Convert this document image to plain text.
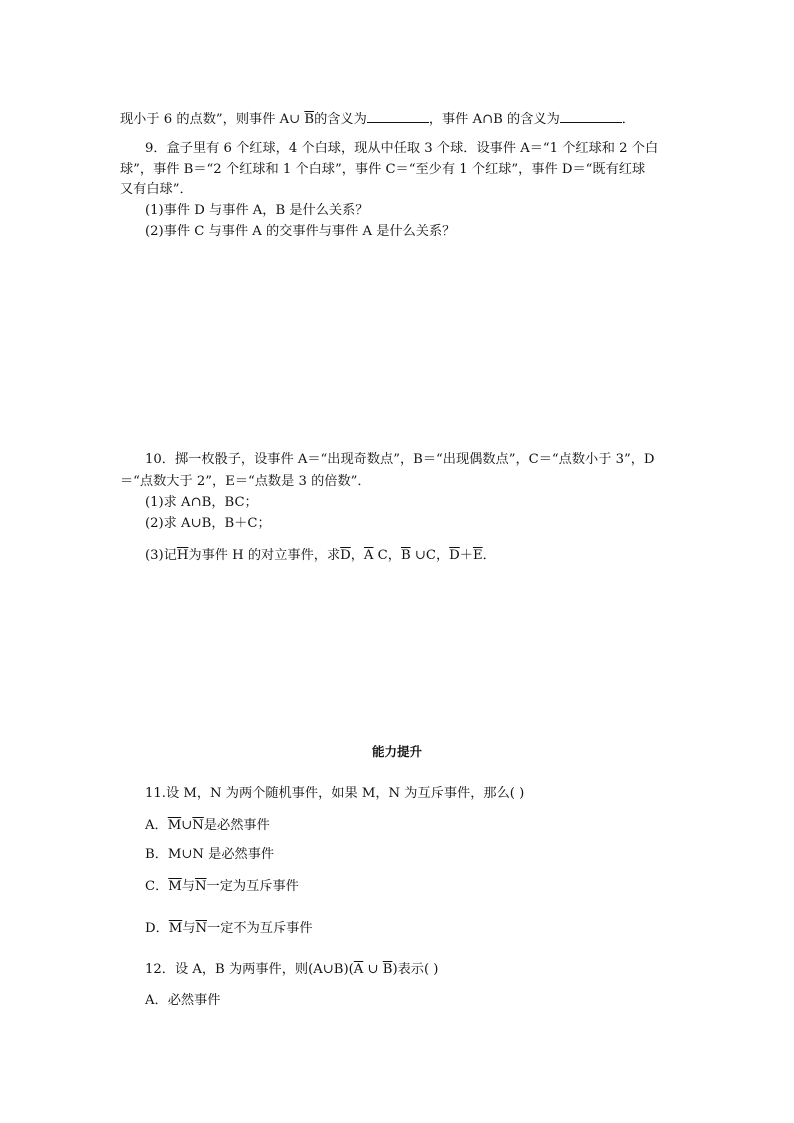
现小于 6 的点数”，则事件 A∪ $\overline{B}$的含义为	，事件 A∩B 的含义为	．
9．盒子里有 6 个红球，4 个白球，现从中任取 3 个球．设事件 A＝“1 个红球和 2 个白
球”，事件 B＝“2 个红球和 1 个白球”，事件 C＝“至少有 1 个红球”，事件 D＝“既有红球
又有白球”．
(1)事件 D 与事件 A，B 是什么关系？
(2)事件 C 与事件 A 的交事件与事件 A 是什么关系？
10．掷一枚骰子，设事件 A＝“出现奇数点”，B＝“出现偶数点”，C＝“点数小于 3”，D
＝“点数大于 2”，E＝“点数是 3 的倍数”．
(1)求 A∩B，BC；
(2)求 A∪B，B＋C；
(3)记$\overline{H}$为事件 H 的对立事件，求$\overline{D}$，$\overline{A}$ C，$\overline{B}$ ∪C，$\overline{D}+\overline{E}$．
能力提升
11.设 M，N 为两个随机事件，如果 M，N 为互斥事件，那么( )
A．$\overline{M}\cup\overline{N}$是必然事件
B．M∪N 是必然事件
C．$\overline{M}$与$\overline{N}$一定为互斥事件
D．$\overline{M}$与$\overline{N}$一定不为互斥事件
12．设 A，B 为两事件，则$(A\cup B)(\overline{A}$ ∪ $\overline{B}$)表示( )
A．必然事件
